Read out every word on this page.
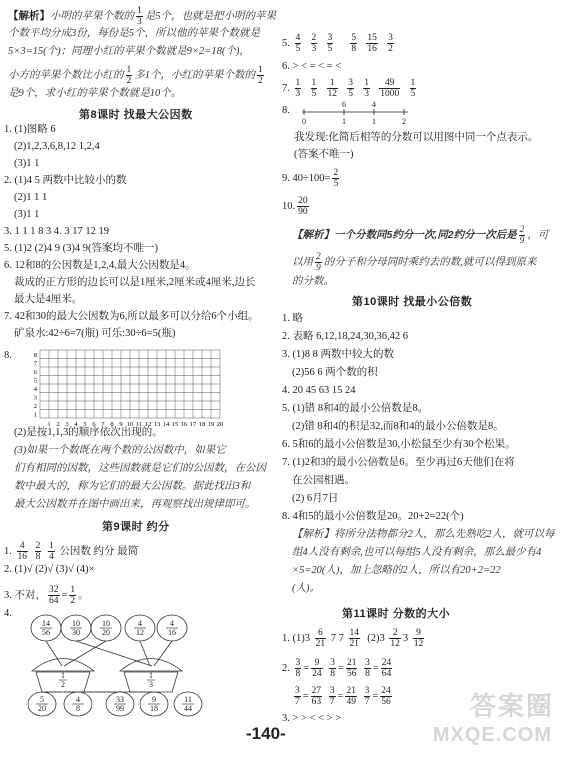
【解析】小明的苹果个数的 $\frac{1}{3}$ 是5个，也就是把小明的苹果
个数平均分成3份，每份是5个，所以他的苹果个数就是
5×3=15(个)；同理小红的苹果个数就是9×2=18(个)，
小方的苹果个数比小红的 $\frac{1}{2}$ 多1个，小红的苹果个数的 $\frac{1}{2}$
是9个，求小红的苹果个数就是10个。
第8课时 找最大公因数
1. (1)图略 6
(2)1,2,3,6,8,12 1,2,4
(3)1 1
2. (1)4 5 两数中比较小的数
(2)1 1 1
(3)1 1
3. 1 1 1 8 3 4. 3 17 12 19
5. (1)2 (2)4 9 (3)4 9(答案均不唯一)
6. 12和8的公因数是1,2,4,最大公因数是4。
裁成的正方形的边长可以是1厘米,2厘米或4厘米,边长
最大是4厘米。
7. 42和30的最大公因数为6,所以最多可以分给6个小组。
矿泉水:42÷6=7(瓶) 可乐:30÷6=5(瓶)
8.
1
2
3
4
5
6
7
8
1 2 3 4 5 6 7 8 9 10 11 12 13 14 15 16 17 18 19 20
(2)是按1,1,3的顺序依次出现的。
(3)如果一个数既在两个数的公因数中，如果它
们有相同的因数，这些因数就是它们的公因数，在公因
数中最大的，称为它们的最大公因数。据此找出3和
最大公因数并在图中画出来，再观察找出规律即可。
第9课时 约分
1. $\frac{4}{16}$
$\frac{2}{8}$
$\frac{1}{4}$ 公因数 约分 最简
2. (1)√ (2)√ (3)√ (4)×
3. 不对， $\frac{32}{64} = \frac{1}{2}$ 。
4.
14
56
10
30
10
20
4
12
4
16
1
2
1
3
5
20
4
8
33
99
9
18
11
44
5. $\frac{4}{5}$
$\frac{2}{3}$
$\frac{3}{5}$
$\frac{5}{8}$
$\frac{15}{16}$
$\frac{3}{2}$
6. > < = < = <
7. $\frac{1}{3}$
$\frac{1}{5}$
$\frac{1}{12}$
$\frac{3}{5}$
$\frac{1}{3}$
$\frac{49}{1000}$
$\frac{1}{5}$
8.
0	1	1	2
6	4
我发现:化简后相等的分数可以用图中同一个点表示。
(答案不唯一)
9. $40\div 100= \frac{2}{5}$
10. $\frac{20}{90}$
【解析】一个分数同5约分一次,同2约分一次后是 $\frac{2}{9}$ ，可
以用 $\frac{2}{9}$ 的分子和分母同时乘约去的数,就可以得到原来
的分数。
第10课时 找最小公倍数
1. 略
2. 表略 6,12,18,24,30,36,42 6
3. (1)8 8 两数中较大的数
(2)56 6 两个数的积
4. 20 45 63 15 24
5. (1)错 8和4的最小公倍数是8。
(2)错 8和4的积是32,而8和4的最小公倍数是8。
6. 5和6的最小公倍数是30,小松鼠至少有30个松果。
7. (1)2和3的最小公倍数是6。至少再过6天他们在将
在公园相遇。
(2) 6月7日
8. 4和5的最小公倍数是20。20+2=22(个)
【解析】将所分法物都分2人，那么先熟吃2人，就可以每
组4人没有剩余,也可以每组5人没有剩余，那么最少有4
×5=20(人)，加上忽略的2人，所以有20+2=22
(人)。
第11课时 分数的大小
1. $(1)3 \frac{6}{21} 7$ $7 \frac{14}{21} (2)3 \frac{2}{12} 3 \frac{9}{12}$
2. $\frac{3}{8} = \frac{9}{24}$
$\frac{3}{8} = \frac{21}{56}$
$\frac{3}{8} = \frac{24}{64}$
$\frac{3}{7} = \frac{27}{63}$
$\frac{3}{7} = \frac{21}{49}$
$\frac{3}{7} = \frac{24}{56}$
3. > > < < > >
-140-
答案圈
MXQE.COM
